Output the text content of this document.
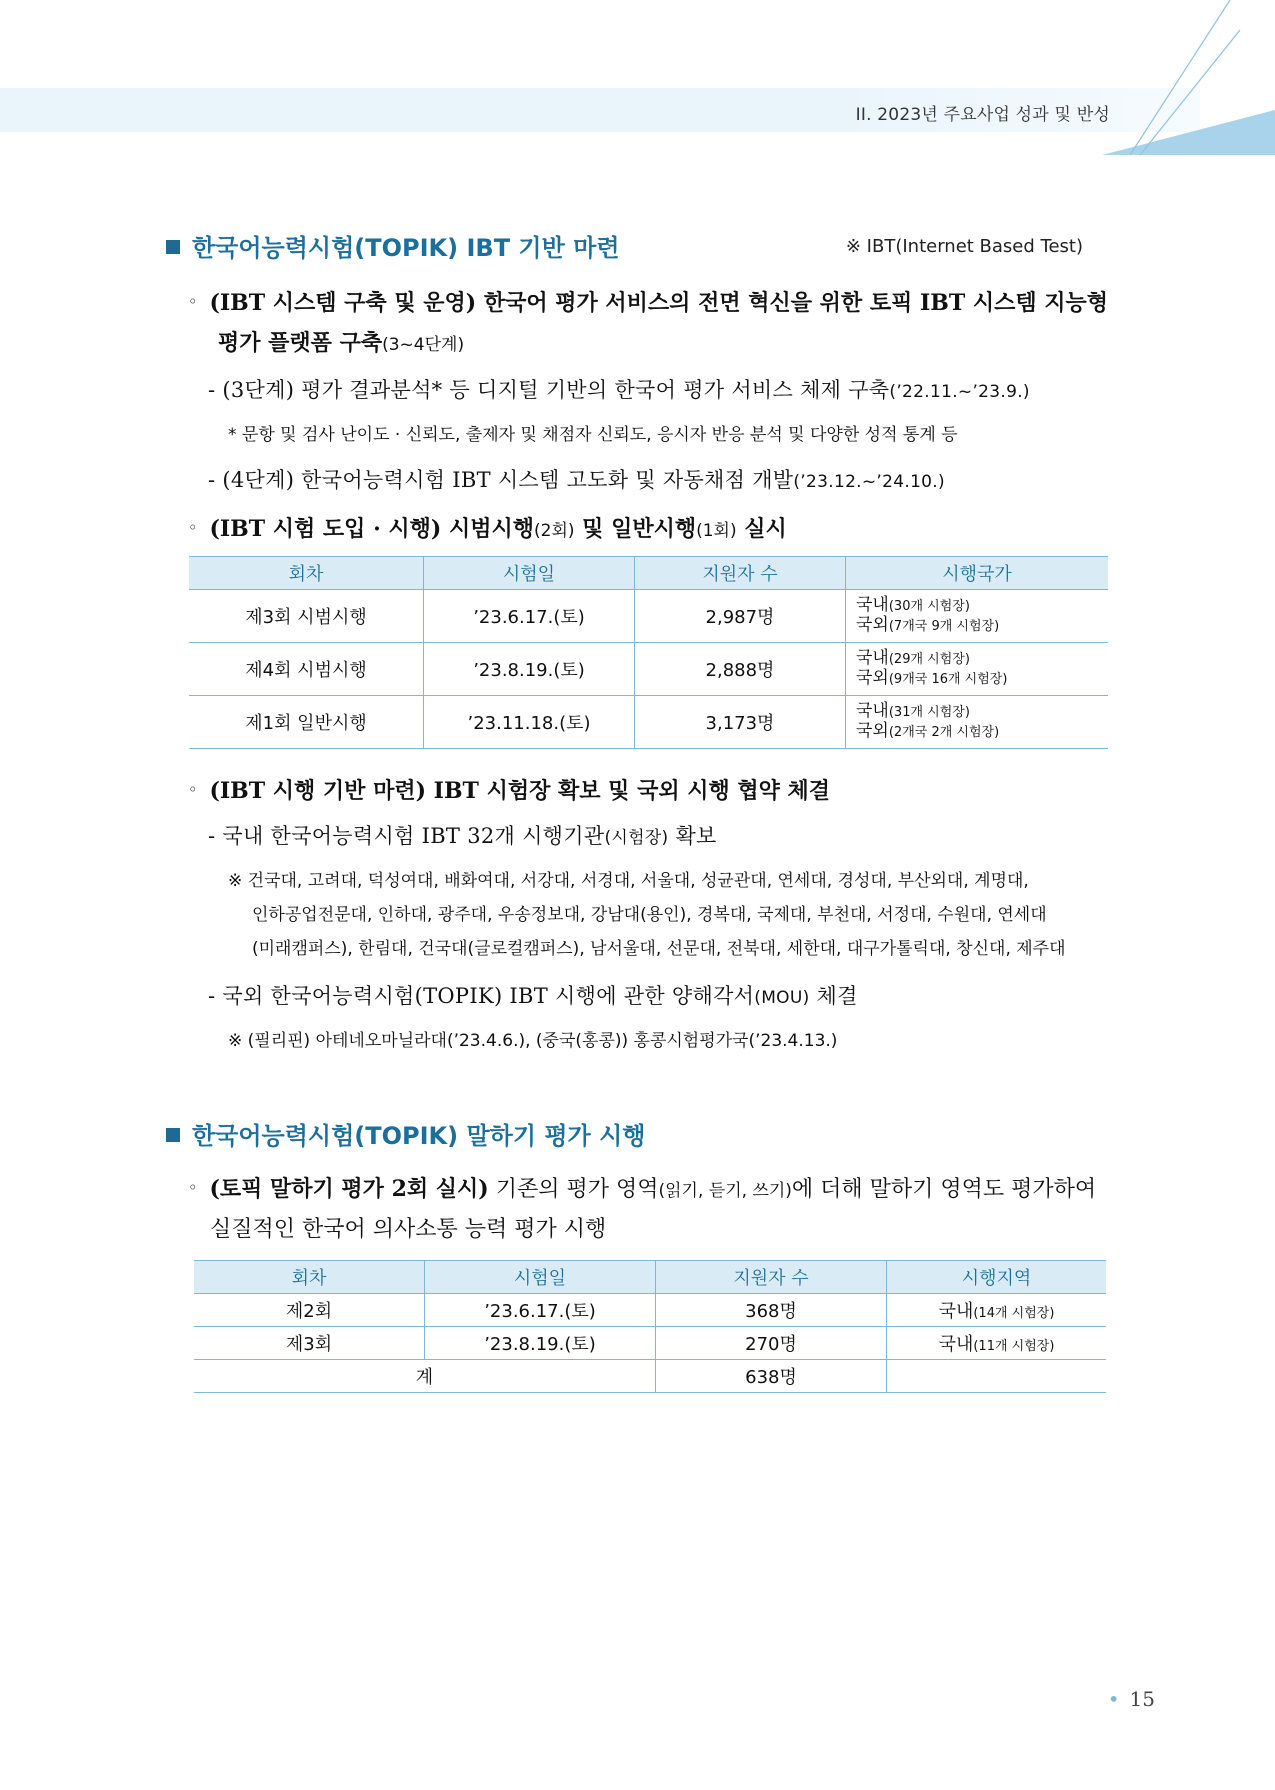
II. 2023년 주요사업 성과 및 반성
한국어능력시험(TOPIK) IBT 기반 마련	※ IBT(Internet Based Test)
◦ (IBT 시스템 구축 및 운영) 한국어 평가 서비스의 전면 혁신을 위한 토픽 IBT 시스템 지능형
평가 플랫폼 구축(3~4단계)
- (3단계) 평가 결과분석* 등 디지털 기반의 한국어 평가 서비스 체제 구축(’22.11.~’23.9.)
* 문항 및 검사 난이도 · 신뢰도, 출제자 및 채점자 신뢰도, 응시자 반응 분석 및 다양한 성적 통계 등
- (4단계) 한국어능력시험 IBT 시스템 고도화 및 자동채점 개발(’23.12.~’24.10.)
◦ (IBT 시험 도입 · 시행) 시범시행(2회) 및 일반시행(1회) 실시
회차	시험일	지원자 수	시행국가
제3회 시범시행	’23.6.17.(토)	2,987명	국내(30개 시험장)
국외(7개국 9개 시험장)

제4회 시범시행	’23.8.19.(토)	2,888명	국내(29개 시험장)
국외(9개국 16개 시험장)

제1회 일반시행	’23.11.18.(토)	3,173명	국내(31개 시험장)
국외(2개국 2개 시험장)
◦ (IBT 시행 기반 마련) IBT 시험장 확보 및 국외 시행 협약 체결
- 국내 한국어능력시험 IBT 32개 시행기관(시험장) 확보
※ 건국대, 고려대, 덕성여대, 배화여대, 서강대, 서경대, 서울대, 성균관대, 연세대, 경성대, 부산외대, 계명대,
인하공업전문대, 인하대, 광주대, 우송정보대, 강남대(용인), 경복대, 국제대, 부천대, 서정대, 수원대, 연세대
(미래캠퍼스), 한림대, 건국대(글로컬캠퍼스), 남서울대, 선문대, 전북대, 세한대, 대구가톨릭대, 창신대, 제주대
- 국외 한국어능력시험(TOPIK) IBT 시행에 관한 양해각서(MOU) 체결
※ (필리핀) 아테네오마닐라대(’23.4.6.), (중국(홍콩)) 홍콩시험평가국(’23.4.13.)
한국어능력시험(TOPIK) 말하기 평가 시행
◦ (토픽 말하기 평가 2회 실시) 기존의 평가 영역(읽기, 듣기, 쓰기)에 더해 말하기 영역도 평가하여
실질적인 한국어 의사소통 능력 평가 시행
회차	시험일	지원자 수	시행지역
제2회	’23.6.17.(토)	368명	국내(14개 시험장)
제3회	’23.8.19.(토)	270명	국내(11개 시험장)
계		638명	
• 15
